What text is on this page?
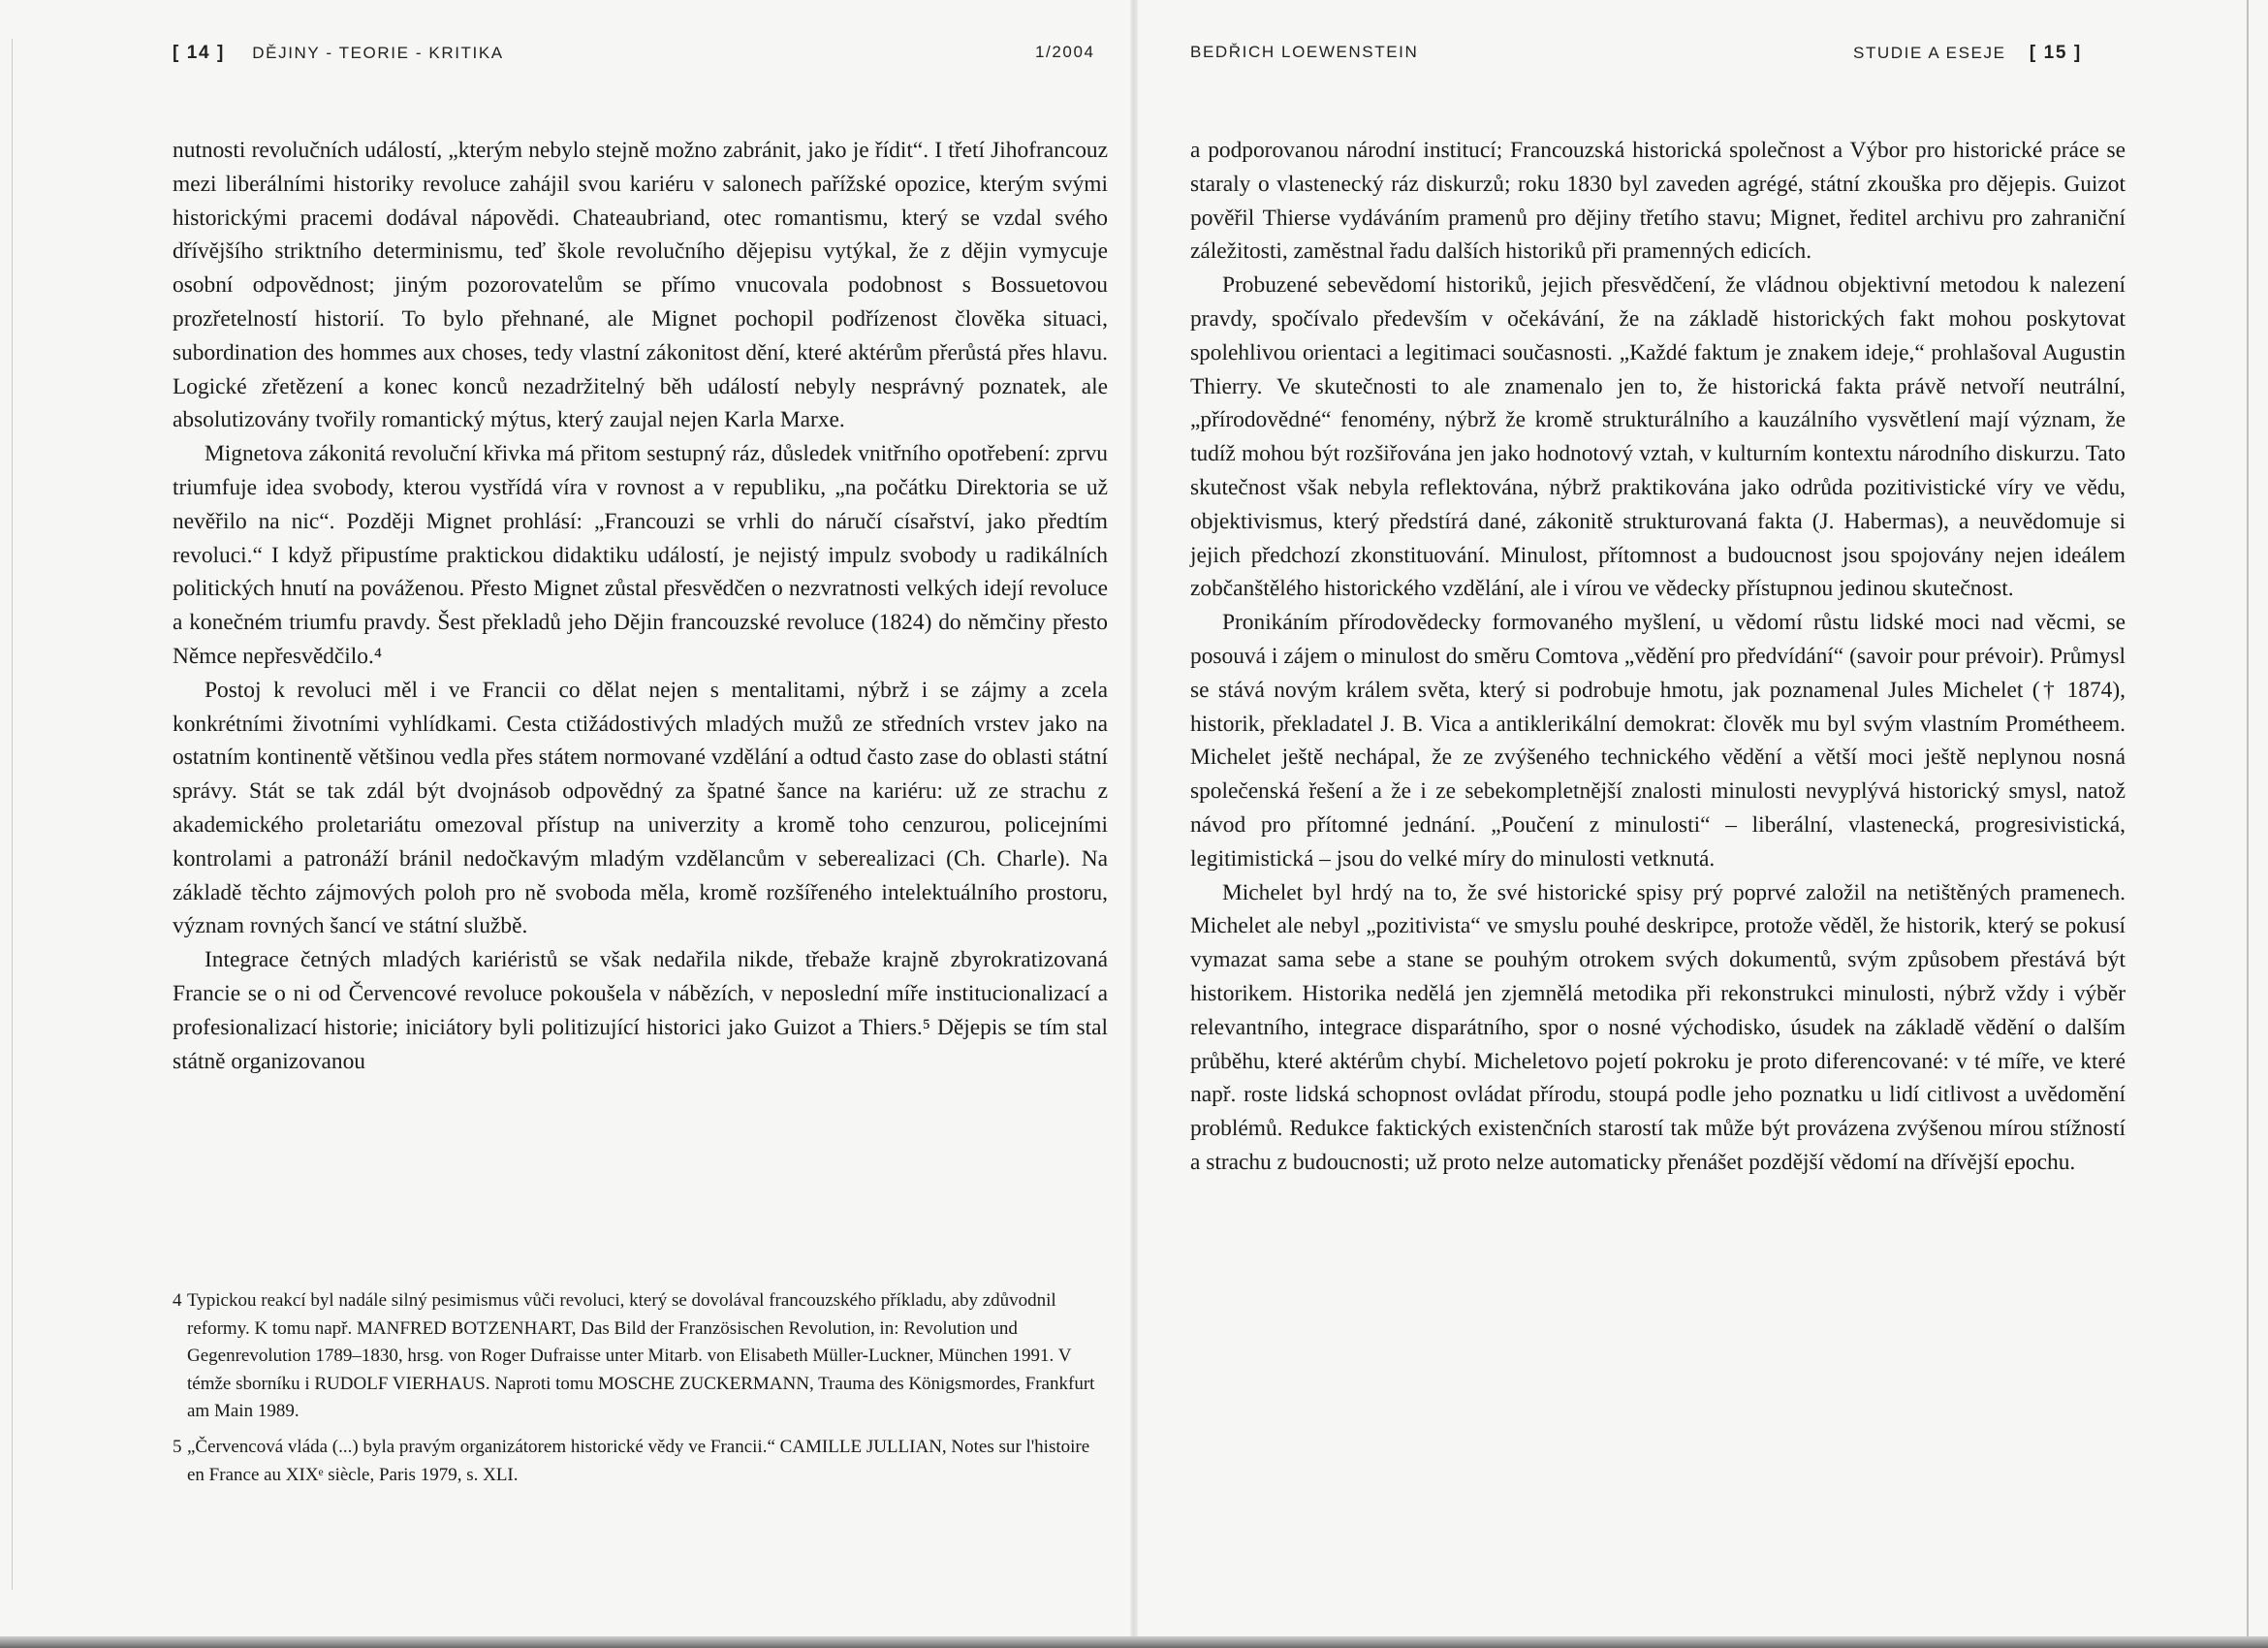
[ 14 ] DĚJINY - TEORIE - KRITIKA	1/2004

nutnosti revolučních událostí, „kterým nebylo stejně možno zabránit, jako je řídit“. I třetí Jihofrancouz mezi liberálními historiky revoluce zahájil svou kariéru v salonech pařížské opozice, kterým svými historickými pracemi dodával nápovědi. Chateaubriand, otec romantismu, který se vzdal svého dřívějšího striktního determinismu, teď škole revolučního dějepisu vytýkal, že z dějin vymycuje osobní odpovědnost; jiným pozorovatelům se přímo vnucovala podobnost s Bossuetovou prozřetelností historií. To bylo přehnané, ale Mignet pochopil podřízenost člověka situaci, subordination des hommes aux choses, tedy vlastní zákonitost dění, které aktérům přerůstá přes hlavu. Logické zřetězení a konec konců nezadržitelný běh událostí nebyly nesprávný poznatek, ale absolutizovány tvořily romantický mýtus, který zaujal nejen Karla Marxe.

Mignetova zákonitá revoluční křivka má přitom sestupný ráz, důsledek vnitřního opotřebení: zprvu triumfuje idea svobody, kterou vystřídá víra v rovnost a v republiku, „na počátku Direktoria se už nevěřilo na nic“. Později Mignet prohlásí: „Francouzi se vrhli do náručí císařství, jako předtím revoluci.“ I když připustíme praktickou didaktiku událostí, je nejistý impulz svobody u radikálních politických hnutí na pováženou. Přesto Mignet zůstal přesvědčen o nezvratnosti velkých idejí revoluce a konečném triumfu pravdy. Šest překladů jeho Dějin francouzské revoluce (1824) do němčiny přesto Němce nepřesvědčilo.⁴

Postoj k revoluci měl i ve Francii co dělat nejen s mentalitami, nýbrž i se zájmy a zcela konkrétními životními vyhlídkami. Cesta ctižádostivých mladých mužů ze středních vrstev jako na ostatním kontinentě většinou vedla přes státem normované vzdělání a odtud často zase do oblasti státní správy. Stát se tak zdál být dvojnásob odpovědný za špatné šance na kariéru: už ze strachu z akademického proletariátu omezoval přístup na univerzity a kromě toho cenzurou, policejními kontrolami a patronáží bránil nedočkavým mladým vzdělancům v seberealizaci (Ch. Charle). Na základě těchto zájmových poloh pro ně svoboda měla, kromě rozšířeného intelektuálního prostoru, význam rovných šancí ve státní službě.

Integrace četných mladých kariéristů se však nedařila nikde, třebaže krajně zbyrokratizovaná Francie se o ni od Červencové revoluce pokoušela v nábězích, v neposlední míře institucionalizací a profesionalizací historie; iniciátory byli politizující historici jako Guizot a Thiers.⁵ Dějepis se tím stal státně organizovanou

4 Typickou reakcí byl nadále silný pesimismus vůči revoluci, který se dovolával francouzského příkladu, aby zdůvodnil reformy. K tomu např. MANFRED BOTZENHART, Das Bild der Französischen Revolution, in: Revolution und Gegenrevolution 1789–1830, hrsg. von Roger Dufraisse unter Mitarb. von Elisabeth Müller-Luckner, München 1991. V témže sborníku i RUDOLF VIERHAUS. Naproti tomu MOSCHE ZUCKERMANN, Trauma des Königsmordes, Frankfurt am Main 1989.
5 „Červencová vláda (...) byla pravým organizátorem historické vědy ve Francii.“ CAMILLE JULLIAN, Notes sur l'histoire en France au XIXᵉ siècle, Paris 1979, s. XLI.
BEDŘICH LOEWENSTEIN	STUDIE A ESEJE [ 15 ]

a podporovanou národní institucí; Francouzská historická společnost a Výbor pro historické práce se staraly o vlastenecký ráz diskurzů; roku 1830 byl zaveden agrégé, státní zkouška pro dějepis. Guizot pověřil Thierse vydáváním pramenů pro dějiny třetího stavu; Mignet, ředitel archivu pro zahraniční záležitosti, zaměstnal řadu dalších historiků při pramenných edicích.

Probuzené sebevědomí historiků, jejich přesvědčení, že vládnou objektivní metodou k nalezení pravdy, spočívalo především v očekávání, že na základě historických fakt mohou poskytovat spolehlivou orientaci a legitimaci současnosti. „Každé faktum je znakem ideje,“ prohlašoval Augustin Thierry. Ve skutečnosti to ale znamenalo jen to, že historická fakta právě netvoří neutrální, „přírodovědné“ fenomény, nýbrž že kromě strukturálního a kauzálního vysvětlení mají význam, že tudíž mohou být rozšiřována jen jako hodnotový vztah, v kulturním kontextu národního diskurzu. Tato skutečnost však nebyla reflektována, nýbrž praktikována jako odrůda pozitivistické víry ve vědu, objektivismus, který předstírá dané, zákonitě strukturovaná fakta (J. Habermas), a neuvědomuje si jejich předchozí zkonstituování. Minulost, přítomnost a budoucnost jsou spojovány nejen ideálem zobčanštělého historického vzdělání, ale i vírou ve vědecky přístupnou jedinou skutečnost.

Pronikáním přírodovědecky formovaného myšlení, u vědomí růstu lidské moci nad věcmi, se posouvá i zájem o minulost do směru Comtova „vědění pro předvídání“ (savoir pour prévoir). Průmysl se stává novým králem světa, který si podrobuje hmotu, jak poznamenal Jules Michelet († 1874), historik, překladatel J. B. Vica a antiklerikální demokrat: člověk mu byl svým vlastním Prométheem. Michelet ještě nechápal, že ze zvýšeného technického vědění a větší moci ještě neplynou nosná společenská řešení a že i ze sebekompletnější znalosti minulosti nevyplývá historický smysl, natož návod pro přítomné jednání. „Poučení z minulosti“ – liberální, vlastenecká, progresivistická, legitimistická – jsou do velké míry do minulosti vetknutá.

Michelet byl hrdý na to, že své historické spisy prý poprvé založil na netištěných pramenech. Michelet ale nebyl „pozitivista“ ve smyslu pouhé deskripce, protože věděl, že historik, který se pokusí vymazat sama sebe a stane se pouhým otrokem svých dokumentů, svým způsobem přestává být historikem. Historika nedělá jen zjemnělá metodika při rekonstrukci minulosti, nýbrž vždy i výběr relevantního, integrace disparátního, spor o nosné východisko, úsudek na základě vědění o dalším průběhu, které aktérům chybí. Micheletovo pojetí pokroku je proto diferencované: v té míře, ve které např. roste lidská schopnost ovládat přírodu, stoupá podle jeho poznatku u lidí citlivost a uvědomění problémů. Redukce faktických existenčních starostí tak může být provázena zvýšenou mírou stížností a strachu z budoucnosti; už proto nelze automaticky přenášet pozdější vědomí na dřívější epochu.
